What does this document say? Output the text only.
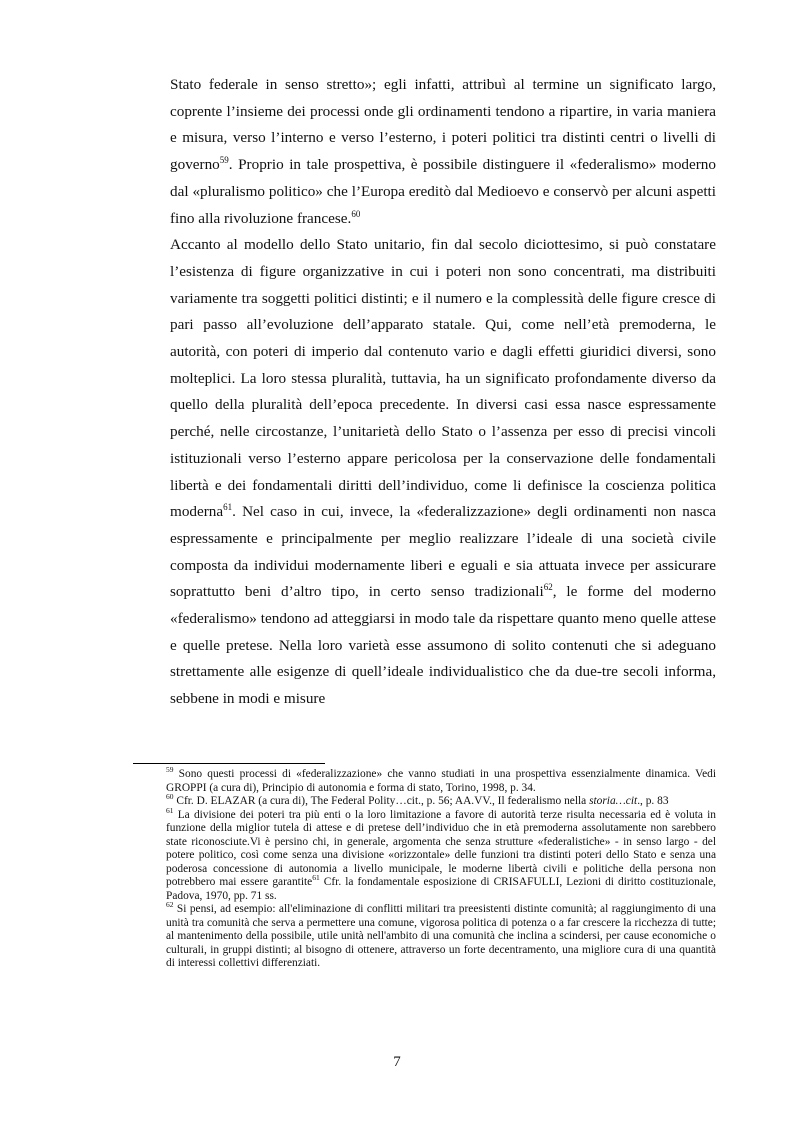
Stato federale in senso stretto»; egli infatti, attribuì al termine un significato largo, coprente l’insieme dei processi onde gli ordinamenti tendono a ripartire, in varia maniera e misura, verso l’interno e verso l’esterno, i poteri politici tra distinti centri o livelli di governo$^{59}$. Proprio in tale prospettiva, è possibile distinguere il «federalismo» moderno dal «pluralismo politico» che l’Europa ereditò dal Medioevo e conservò per alcuni aspetti fino alla rivoluzione francese.$^{60}$

Accanto al modello dello Stato unitario, fin dal secolo diciottesimo, si può constatare l’esistenza di figure organizzative in cui i poteri non sono concentrati, ma distribuiti variamente tra soggetti politici distinti; e il numero e la complessità delle figure cresce di pari passo all’evoluzione dell’apparato statale. Qui, come nell’età premoderna, le autorità, con poteri di imperio dal contenuto vario e dagli effetti giuridici diversi, sono molteplici. La loro stessa pluralità, tuttavia, ha un significato profondamente diverso da quello della pluralità dell’epoca precedente. In diversi casi essa nasce espressamente perché, nelle circostanze, l’unitarietà dello Stato o l’assenza per esso di precisi vincoli istituzionali verso l’esterno appare pericolosa per la conservazione delle fondamentali libertà e dei fondamentali diritti dell’individuo, come li definisce la coscienza politica moderna$^{61}$. Nel caso in cui, invece, la «federalizzazione» degli ordinamenti non nasca espressamente e principalmente per meglio realizzare l’ideale di una società civile composta da individui modernamente liberi e eguali e sia attuata invece per assicurare soprattutto beni d’altro tipo, in certo senso tradizionali$^{62}$, le forme del moderno «federalismo» tendono ad atteggiarsi in modo tale da rispettare quanto meno quelle attese e quelle pretese. Nella loro varietà esse assumono di solito contenuti che si adeguano strettamente alle esigenze di quell’ideale individualistico che da due-tre secoli informa, sebbene in modi e misure

$^{59}$ Sono questi processi di «federalizzazione» che vanno studiati in una prospettiva essenzialmente dinamica. Vedi GROPPI (a cura di), Principio di autonomia e forma di stato, Torino, 1998, p. 34.

$^{60}$ Cfr. D. ELAZAR (a cura di), The Federal Polity…cit., p. 56; AA.VV., Il federalismo nella storia…cit., p. 83

$^{61}$ La divisione dei poteri tra più enti o la loro limitazione a favore di autorità terze risulta necessaria ed è voluta in funzione della miglior tutela di attese e di pretese dell’individuo che in età premoderna assolutamente non sarebbero state riconosciute.Vi è persino chi, in generale, argomenta che senza strutture «federalistiche» - in senso largo - del potere politico, così come senza una divisione «orizzontale» delle funzioni tra distinti poteri dello Stato e senza una poderosa concessione di autonomia a livello municipale, le moderne libertà civili e politiche della persona non potrebbero mai essere garantite$^{61}$ Cfr. la fondamentale esposizione di CRISAFULLI, Lezioni di diritto costituzionale, Padova, 1970, pp. 71 ss.

$^{62}$ Si pensi, ad esempio: all'eliminazione di conflitti militari tra preesistenti distinte comunità; al raggiungimento di una unità tra comunità che serva a permettere una comune, vigorosa politica di potenza o a far crescere la ricchezza di tutte; al mantenimento della possibile, utile unità nell'ambito di una comunità che inclina a scindersi, per cause economiche o culturali, in gruppi distinti; al bisogno di ottenere, attraverso un forte decentramento, una migliore cura di una quantità di interessi collettivi differenziati.

7
